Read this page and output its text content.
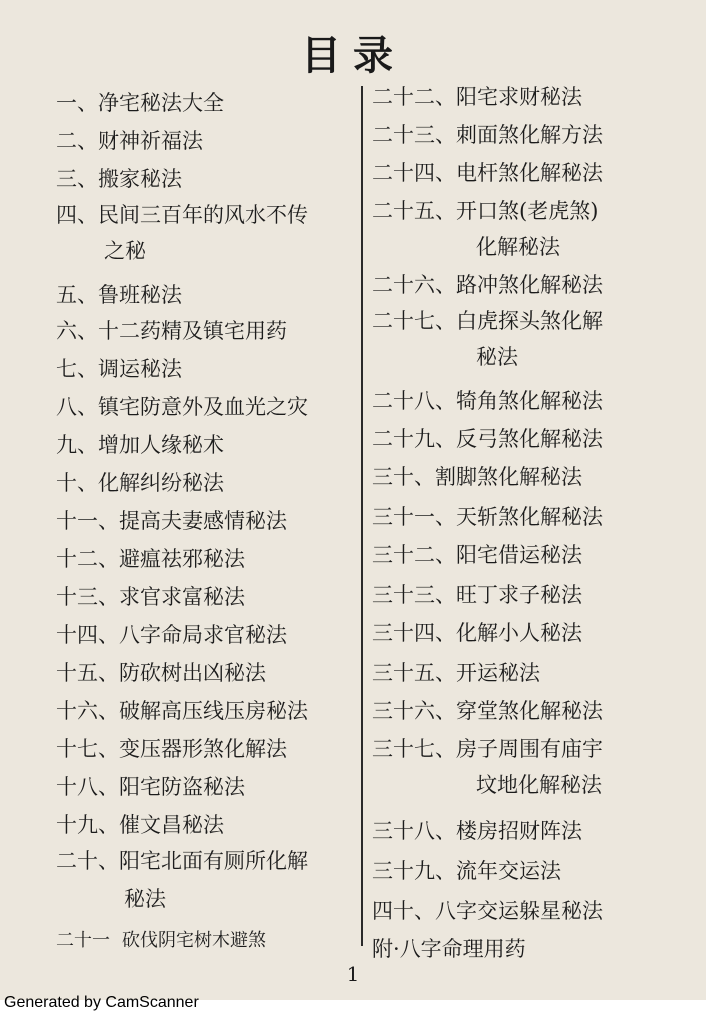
目录
一、净宅秘法大全
二、财神祈福法
三、搬家秘法
四、民间三百年的风水不传
之秘
五、鲁班秘法
六、十二药精及镇宅用药
七、调运秘法
八、镇宅防意外及血光之灾
九、增加人缘秘术
十、化解纠纷秘法
十一、提高夫妻感情秘法
十二、避瘟祛邪秘法
十三、求官求富秘法
十四、八字命局求官秘法
十五、防砍树出凶秘法
十六、破解高压线压房秘法
十七、变压器形煞化解法
十八、阳宅防盗秘法
十九、催文昌秘法
二十、阳宅北面有厕所化解
秘法
二十一 砍伐阴宅树木避煞
二十二、阳宅求财秘法
二十三、刺面煞化解方法
二十四、电杆煞化解秘法
二十五、开口煞(老虎煞)
化解秘法
二十六、路冲煞化解秘法
二十七、白虎探头煞化解
秘法
二十八、犄角煞化解秘法
二十九、反弓煞化解秘法
三十、割脚煞化解秘法
三十一、天斩煞化解秘法
三十二、阳宅借运秘法
三十三、旺丁求子秘法
三十四、化解小人秘法
三十五、开运秘法
三十六、穿堂煞化解秘法
三十七、房子周围有庙宇
坟地化解秘法
三十八、楼房招财阵法
三十九、流年交运法
四十、八字交运躲星秘法
附·八字命理用药
1
Generated by CamScanner
